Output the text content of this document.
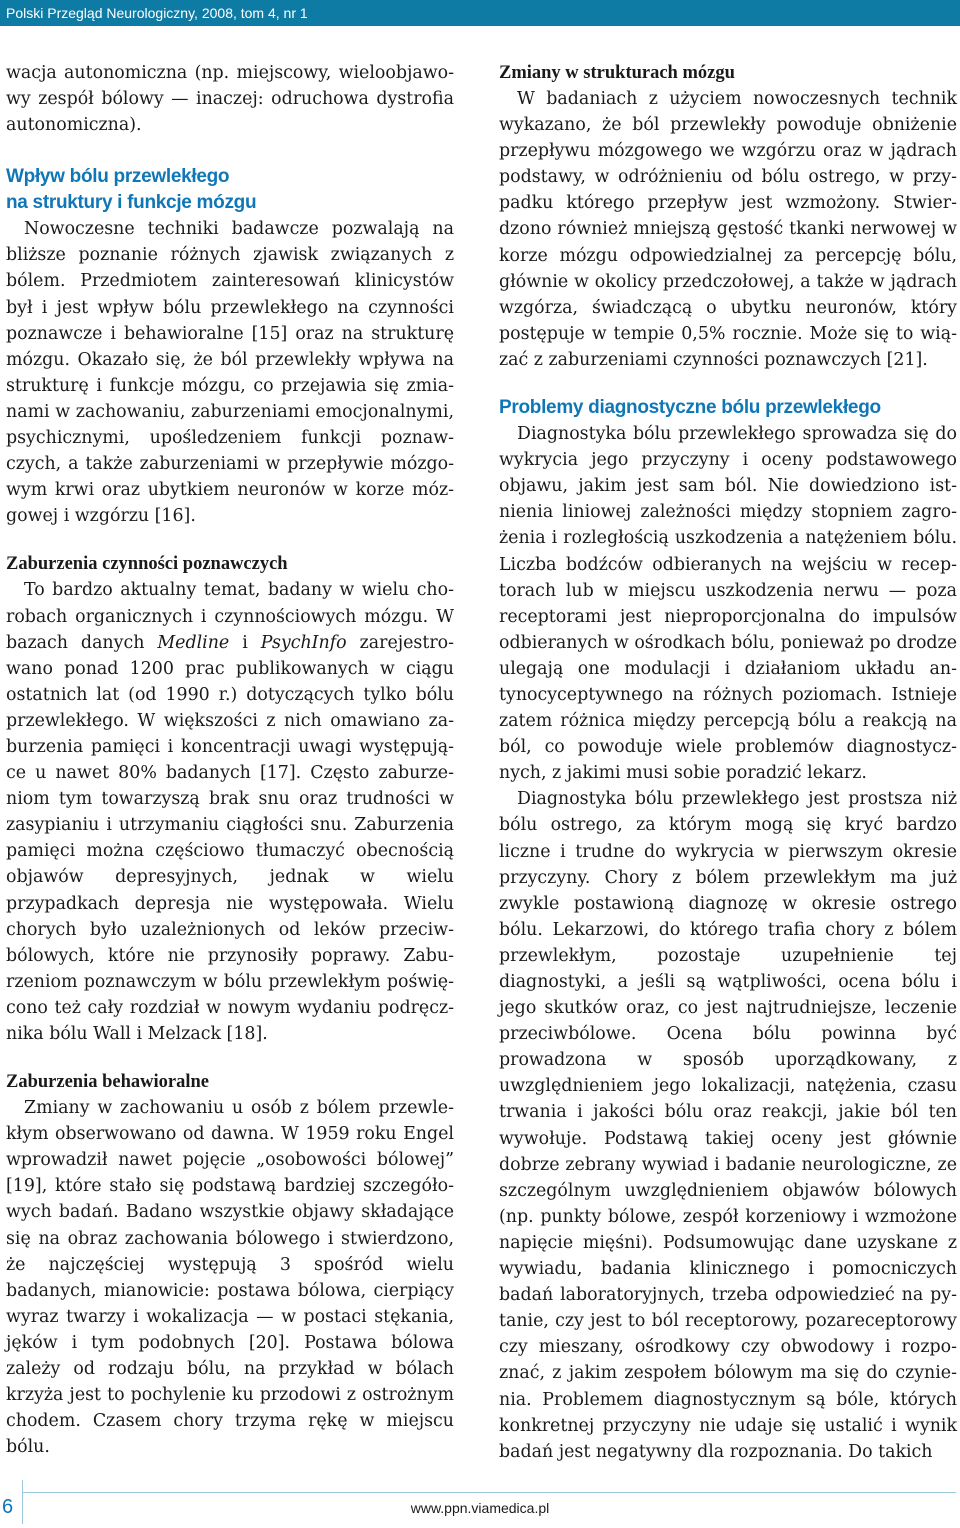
Polski Przegląd Neurologiczny, 2008, tom 4, nr 1

wacja autonomiczna (np. miejscowy, wieloobjawowy zespół bólowy — inaczej: odruchowa dystrofia autonomiczna).

Wpływ bólu przewlekłego
na struktury i funkcje mózgu

Nowoczesne techniki badawcze pozwalają na bliższe poznanie różnych zjawisk związanych z bólem. Przedmiotem zainteresowań klinicystów był i jest wpływ bólu przewlekłego na czynności poznawcze i behawioralne [15] oraz na strukturę mózgu. Okazało się, że ból przewlekły wpływa na strukturę i funkcje mózgu, co przejawia się zmianami w zachowaniu, zaburzeniami emocjonalnymi, psychicznymi, upośledzeniem funkcji poznawczych, a także zaburzeniami w przepływie mózgowym krwi oraz ubytkiem neuronów w korze mózgowej i wzgórzu [16].

Zaburzenia czynności poznawczych

To bardzo aktualny temat, badany w wielu chorobach organicznych i czynnościowych mózgu. W bazach danych Medline i PsychInfo zarejestrowano ponad 1200 prac publikowanych w ciągu ostatnich lat (od 1990 r.) dotyczących tylko bólu przewlekłego. W większości z nich omawiano zaburzenia pamięci i koncentracji uwagi występujące u nawet 80% badanych [17]. Często zaburzeniom tym towarzyszą brak snu oraz trudności w zasypianiu i utrzymaniu ciągłości snu. Zaburzenia pamięci można częściowo tłumaczyć obecnością objawów depresyjnych, jednak w wielu przypadkach depresja nie występowała. Wielu chorych było uzależnionych od leków przeciwbólowych, które nie przynosiły poprawy. Zaburzeniom poznawczym w bólu przewlekłym poświęcono też cały rozdział w nowym wydaniu podręcznika bólu Wall i Melzack [18].

Zaburzenia behawioralne

Zmiany w zachowaniu u osób z bólem przewlekłym obserwowano od dawna. W 1959 roku Engel wprowadził nawet pojęcie „osobowości bólowej” [19], które stało się podstawą bardziej szczegółowych badań. Badano wszystkie objawy składające się na obraz zachowania bólowego i stwierdzono, że najczęściej występują 3 spośród wielu badanych, mianowicie: postawa bólowa, cierpiący wyraz twarzy i wokalizacja — w postaci stękania, jęków i tym podobnych [20]. Postawa bólowa zależy od rodzaju bólu, na przykład w bólach krzyża jest to pochylenie ku przodowi z ostrożnym chodem. Czasem chory trzyma rękę w miejscu bólu.

Zmiany w strukturach mózgu

W badaniach z użyciem nowoczesnych technik wykazano, że ból przewlekły powoduje obniżenie przepływu mózgowego we wzgórzu oraz w jądrach podstawy, w odróżnieniu od bólu ostrego, w przypadku którego przepływ jest wzmożony. Stwierdzono również mniejszą gęstość tkanki nerwowej w korze mózgu odpowiedzialnej za percepcję bólu, głównie w okolicy przedczołowej, a także w jądrach wzgórza, świadczącą o ubytku neuronów, który postępuje w tempie 0,5% rocznie. Może się to wiązać z zaburzeniami czynności poznawczych [21].

Problemy diagnostyczne bólu przewlekłego

Diagnostyka bólu przewlekłego sprowadza się do wykrycia jego przyczyny i oceny podstawowego objawu, jakim jest sam ból. Nie dowiedziono istnienia liniowej zależności między stopniem zagrożenia i rozległością uszkodzenia a natężeniem bólu. Liczba bodźców odbieranych na wejściu w receptorach lub w miejscu uszkodzenia nerwu — poza receptorami jest nieproporcjonalna do impulsów odbieranych w ośrodkach bólu, ponieważ po drodze ulegają one modulacji i działaniom układu antynocyceptywnego na różnych poziomach. Istnieje zatem różnica między percepcją bólu a reakcją na ból, co powoduje wiele problemów diagnostycznych, z jakimi musi sobie poradzić lekarz.

Diagnostyka bólu przewlekłego jest prostsza niż bólu ostrego, za którym mogą się kryć bardzo liczne i trudne do wykrycia w pierwszym okresie przyczyny. Chory z bólem przewlekłym ma już zwykle postawioną diagnozę w okresie ostrego bólu. Lekarzowi, do którego trafia chory z bólem przewlekłym, pozostaje uzupełnienie tej diagnostyki, a jeśli są wątpliwości, ocena bólu i jego skutków oraz, co jest najtrudniejsze, leczenie przeciwbólowe. Ocena bólu powinna być prowadzona w sposób uporządkowany, z uwzględnieniem jego lokalizacji, natężenia, czasu trwania i jakości bólu oraz reakcji, jakie ból ten wywołuje. Podstawą takiej oceny jest głównie dobrze zebrany wywiad i badanie neurologiczne, ze szczególnym uwzględnieniem objawów bólowych (np. punkty bólowe, zespół korzeniowy i wzmożone napięcie mięśni). Podsumowując dane uzyskane z wywiadu, badania klinicznego i pomocniczych badań laboratoryjnych, trzeba odpowiedzieć na pytanie, czy jest to ból receptorowy, pozareceptorowy czy mieszany, ośrodkowy czy obwodowy i rozpoznać, z jakim zespołem bólowym ma się do czynienia. Problemem diagnostycznym są bóle, których konkretnej przyczyny nie udaje się ustalić i wynik badań jest negatywny dla rozpoznania. Do takich

6	www.ppn.viamedica.pl
